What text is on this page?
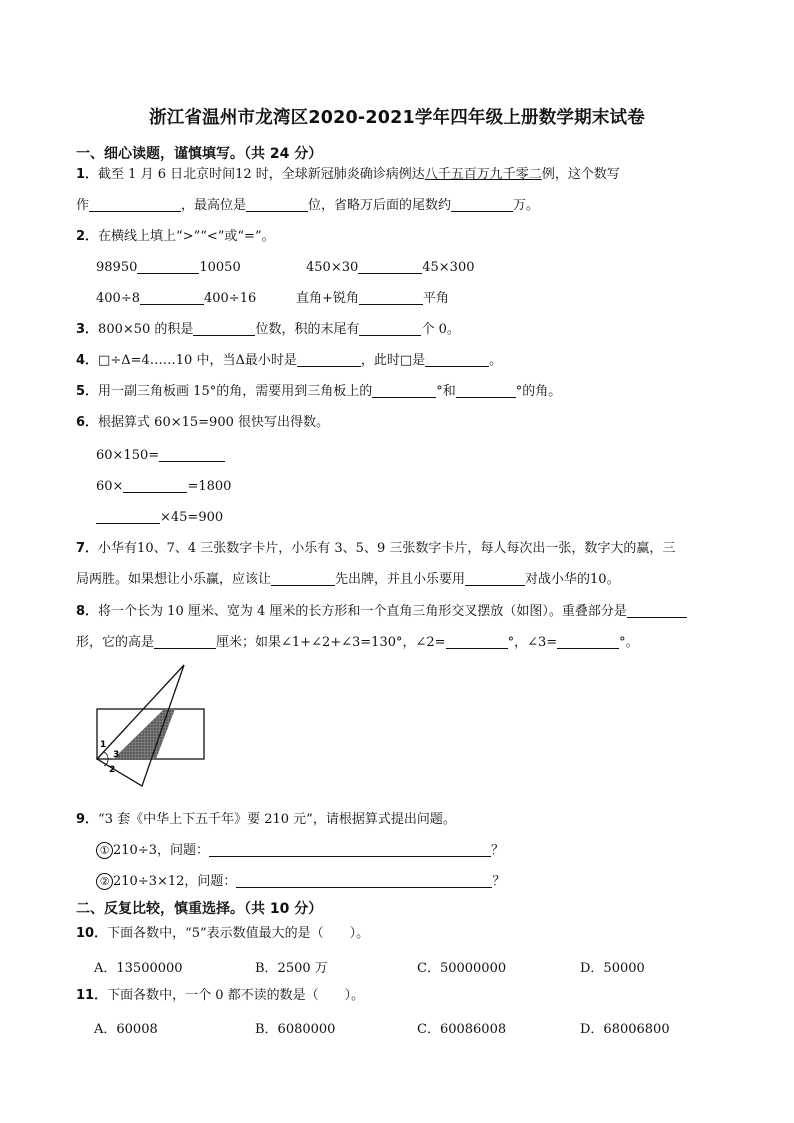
浙江省温州市龙湾区2020-2021学年四年级上册数学期末试卷
一、细心读题，谨慎填写。（共 24 分）
1．截至 1 月 6 日北京时间12 时，全球新冠肺炎确诊病例达八千五百万九千零二例，这个数写
作	，最高位是	位，省略万后面的尾数约	万。
2．在横线上填上“>”“<”或“=”。
98950	10050	450×30	45×300
400÷8	400÷16	直角+锐角	平角
3．800×50 的积是	位数，积的末尾有	个 0。
4．□÷Δ=4……10 中，当Δ最小时是	，此时□是	。
5．用一副三角板画 15°的角，需要用到三角板上的	°和	°的角。
6．根据算式 60×15=900 很快写出得数。
60×150=
60×	=1800
×45=900
7．小华有10、7、4 三张数字卡片，小乐有 3、5、9 三张数字卡片，每人每次出一张，数字大的赢，三
局两胜。如果想让小乐赢，应该让	先出牌，并且小乐要用	对战小华的10。
8．将一个长为 10 厘米、宽为 4 厘米的长方形和一个直角三角形交叉摆放（如图）。重叠部分是
形，它的高是	厘米；如果∠1+∠2+∠3=130°，∠2=	°，∠3=	°。
1
3
2
9．“3 套《中华上下五千年》要 210 元”，请根据算式提出问题。
① 210÷3，问题：	？
② 210÷3×12，问题：	？
二、反复比较，慎重选择。（共 10 分）
10．下面各数中，“5”表示数值最大的是（　　）。
A．13500000	B．2500 万	C．50000000	D．50000
11．下面各数中，一个 0 都不读的数是（　　）。
A．60008	B．6080000	C．60086008	D．68006800
